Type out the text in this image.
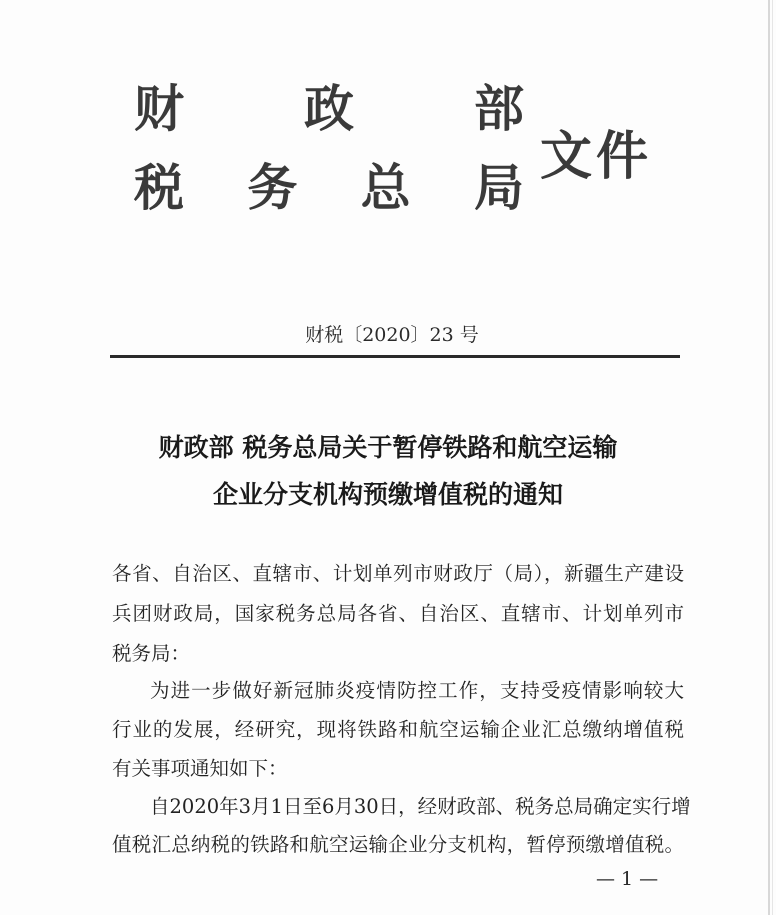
财 政 部
税 务 总 局
文件
财税〔2020〕23 号
财政部 税务总局关于暂停铁路和航空运输
企业分支机构预缴增值税的通知
各省、自治区、直辖市、计划单列市财政厅（局），新疆生产建设
兵团财政局，国家税务总局各省、自治区、直辖市、计划单列市
税务局：
为进一步做好新冠肺炎疫情防控工作，支持受疫情影响较大
行业的发展，经研究，现将铁路和航空运输企业汇总缴纳增值税
有关事项通知如下：
自2020年3月1日至6月30日，经财政部、税务总局确定实行增
值税汇总纳税的铁路和航空运输企业分支机构，暂停预缴增值税。
— 1 —
